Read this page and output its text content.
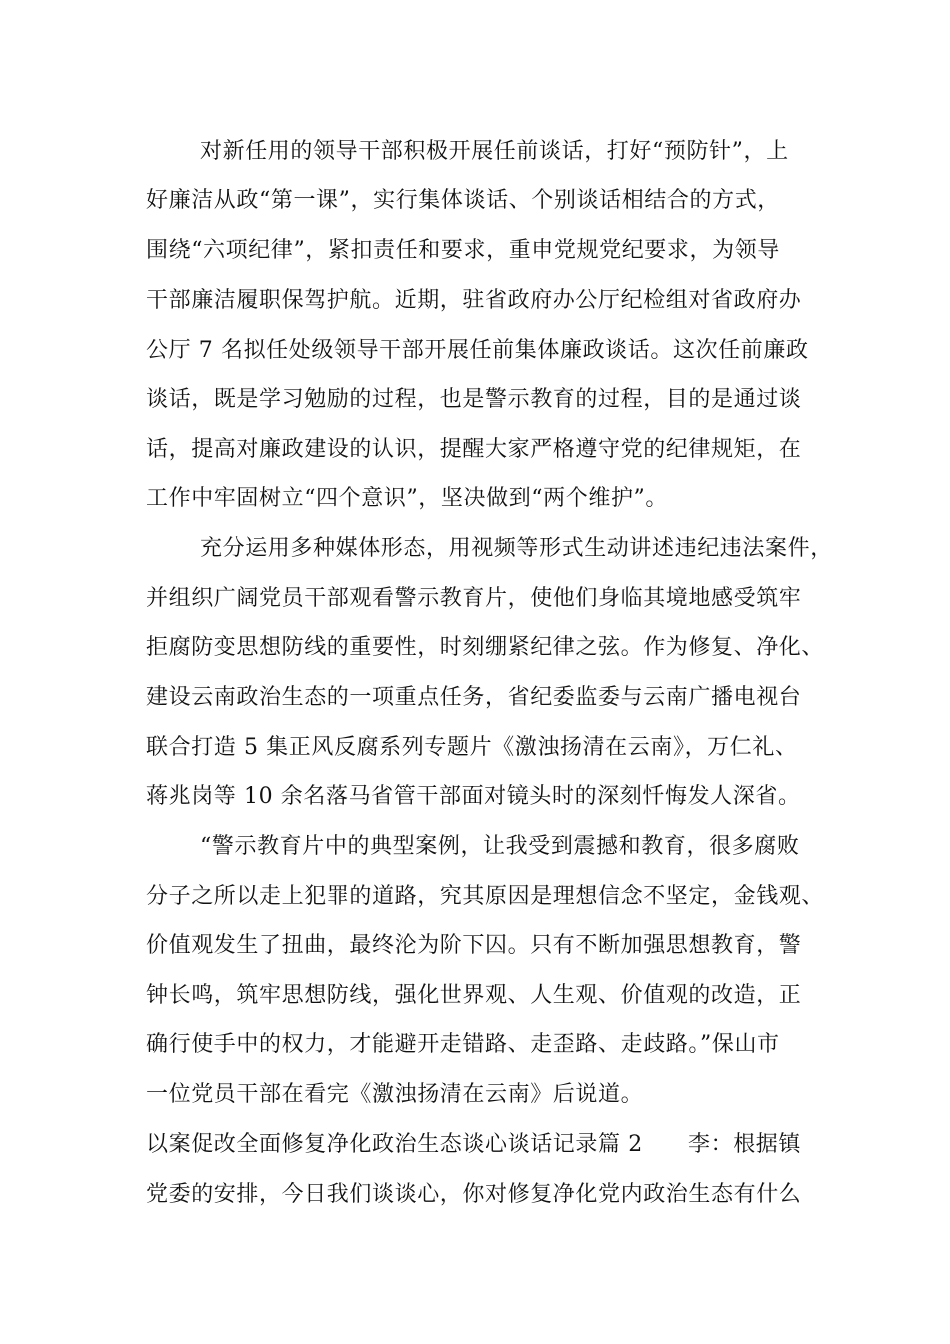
对新任用的领导干部积极开展任前谈话，打好“预防针”，上
好廉洁从政“第一课”，实行集体谈话、个别谈话相结合的方式，
围绕“六项纪律”，紧扣责任和要求，重申党规党纪要求，为领导
干部廉洁履职保驾护航。近期，驻省政府办公厅纪检组对省政府办
公厅 7 名拟任处级领导干部开展任前集体廉政谈话。这次任前廉政
谈话，既是学习勉励的过程，也是警示教育的过程，目的是通过谈
话，提高对廉政建设的认识，提醒大家严格遵守党的纪律规矩，在
工作中牢固树立“四个意识”，坚决做到“两个维护”。
充分运用多种媒体形态，用视频等形式生动讲述违纪违法案件，
并组织广阔党员干部观看警示教育片，使他们身临其境地感受筑牢
拒腐防变思想防线的重要性，时刻绷紧纪律之弦。作为修复、净化、
建设云南政治生态的一项重点任务，省纪委监委与云南广播电视台
联合打造 5 集正风反腐系列专题片《激浊扬清在云南》，万仁礼、
蒋兆岗等 10 余名落马省管干部面对镜头时的深刻忏悔发人深省。
“警示教育片中的典型案例，让我受到震撼和教育，很多腐败
分子之所以走上犯罪的道路，究其原因是理想信念不坚定，金钱观、
价值观发生了扭曲，最终沦为阶下囚。只有不断加强思想教育，警
钟长鸣，筑牢思想防线，强化世界观、人生观、价值观的改造，正
确行使手中的权力，才能避开走错路、走歪路、走歧路。”保山市
一位党员干部在看完《激浊扬清在云南》后说道。
以案促改全面修复净化政治生态谈心谈话记录篇 2　　李：根据镇
党委的安排，今日我们谈谈心，你对修复净化党内政治生态有什么
